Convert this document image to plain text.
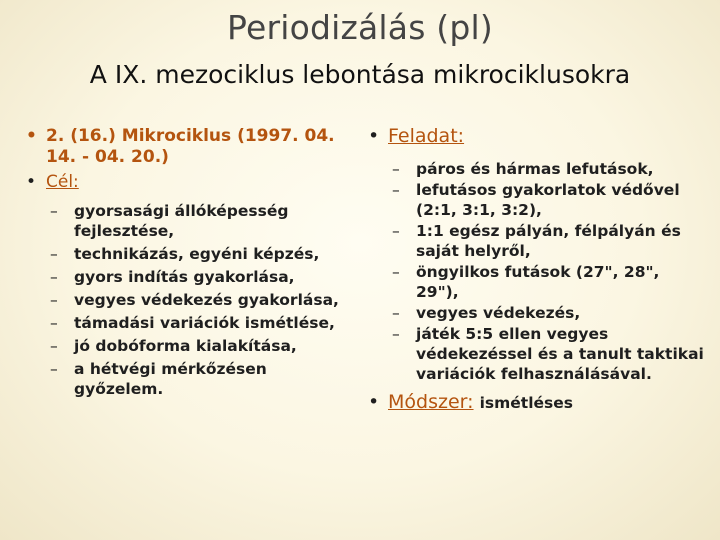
Periodizálás (pl)
A IX. mezociklus lebontása mikrociklusokra
• 2. (16.) Mikrociklus (1997. 04. 14. - 04. 20.)
• Cél:
– gyorsasági állóképesség fejlesztése,
– technikázás, egyéni képzés,
– gyors indítás gyakorlása,
– vegyes védekezés gyakorlása,
– támadási variációk ismétlése,
– jó dobóforma kialakítása,
– a hétvégi mérkőzésen győzelem.
• Feladat:
– páros és hármas lefutások,
– lefutásos gyakorlatok védővel (2:1, 3:1, 3:2),
– 1:1 egész pályán, félpályán és saját helyről,
– öngyilkos futások (27", 28", 29"),
– vegyes védekezés,
– játék 5:5 ellen vegyes védekezéssel és a tanult taktikai variációk felhasználásával.
• Módszer: ismétléses
